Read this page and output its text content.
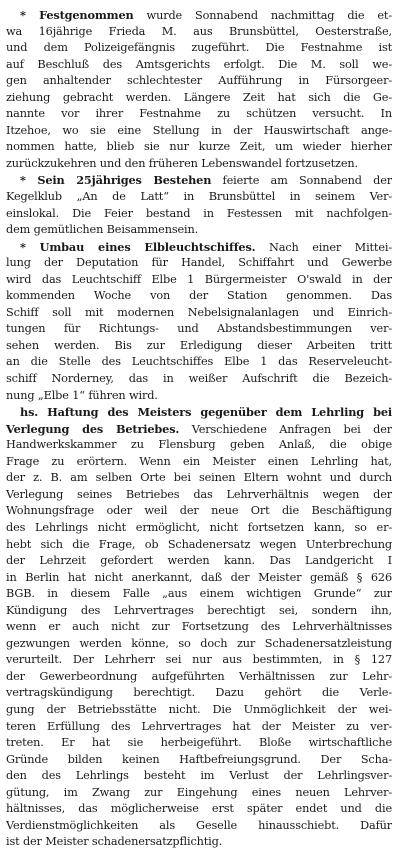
* Festgenommen wurde Sonnabend nachmittag die et-
wa 16jährige Frieda M. aus Brunsbüttel, Oesterstraße,
und dem Polizeigefängnis zugeführt. Die Festnahme ist
auf Beschluß des Amtsgerichts erfolgt. Die M. soll we-
gen anhaltender schlechtester Aufführung in Fürsorgeer-
ziehung gebracht werden. Längere Zeit hat sich die Ge-
nannte vor ihrer Festnahme zu schützen versucht. In
Itzehoe, wo sie eine Stellung in der Hauswirtschaft ange-
nommen hatte, blieb sie nur kurze Zeit, um wieder hierher
zurückzukehren und den früheren Lebenswandel fortzusetzen.
* Sein 25jähriges Bestehen feierte am Sonnabend der
Kegelklub „An de Latt“ in Brunsbüttel in seinem Ver-
einslokal. Die Feier bestand in Festessen mit nachfolgen-
dem gemütlichen Beisammensein.
* Umbau eines Elbleuchtschiffes. Nach einer Mittei-
lung der Deputation für Handel, Schiffahrt und Gewerbe
wird das Leuchtschiff Elbe 1 Bürgermeister O'swald in der
kommenden Woche von der Station genommen. Das
Schiff soll mit modernen Nebelsignalanlagen und Einrich-
tungen für Richtungs- und Abstandsbestimmungen ver-
sehen werden. Bis zur Erledigung dieser Arbeiten tritt
an die Stelle des Leuchtschiffes Elbe 1 das Reserveleucht-
schiff Norderney, das in weißer Aufschrift die Bezeich-
nung „Elbe 1“ führen wird.
hs. Haftung des Meisters gegenüber dem Lehrling bei
Verlegung des Betriebes. Verschiedene Anfragen bei der
Handwerkskammer zu Flensburg geben Anlaß, die obige
Frage zu erörtern. Wenn ein Meister einen Lehrling hat,
der z. B. am selben Orte bei seinen Eltern wohnt und durch
Verlegung seines Betriebes das Lehrverhältnis wegen der
Wohnungsfrage oder weil der neue Ort die Beschäftigung
des Lehrlings nicht ermöglicht, nicht fortsetzen kann, so er-
hebt sich die Frage, ob Schadenersatz wegen Unterbrechung
der Lehrzeit gefordert werden kann. Das Landgericht I
in Berlin hat nicht anerkannt, daß der Meister gemäß § 626
BGB. in diesem Falle „aus einem wichtigen Grunde“ zur
Kündigung des Lehrvertrages berechtigt sei, sondern ihn,
wenn er auch nicht zur Fortsetzung des Lehrverhältnisses
gezwungen werden könne, so doch zur Schadenersatzleistung
verurteilt. Der Lehrherr sei nur aus bestimmten, in § 127
der Gewerbeordnung aufgeführten Verhältnissen zur Lehr-
vertragskündigung berechtigt. Dazu gehört die Verle-
gung der Betriebsstätte nicht. Die Unmöglichkeit der wei-
teren Erfüllung des Lehrvertrages hat der Meister zu ver-
treten. Er hat sie herbeigeführt. Bloße wirtschaftliche
Gründe bilden keinen Haftbefreiungsgrund. Der Scha-
den des Lehrlings besteht im Verlust der Lehrlingsver-
gütung, im Zwang zur Eingehung eines neuen Lehrver-
hältnisses, das möglicherweise erst später endet und die
Verdienstmöglichkeiten als Geselle hinausschiebt. Dafür
ist der Meister schadenersatzpflichtig.
